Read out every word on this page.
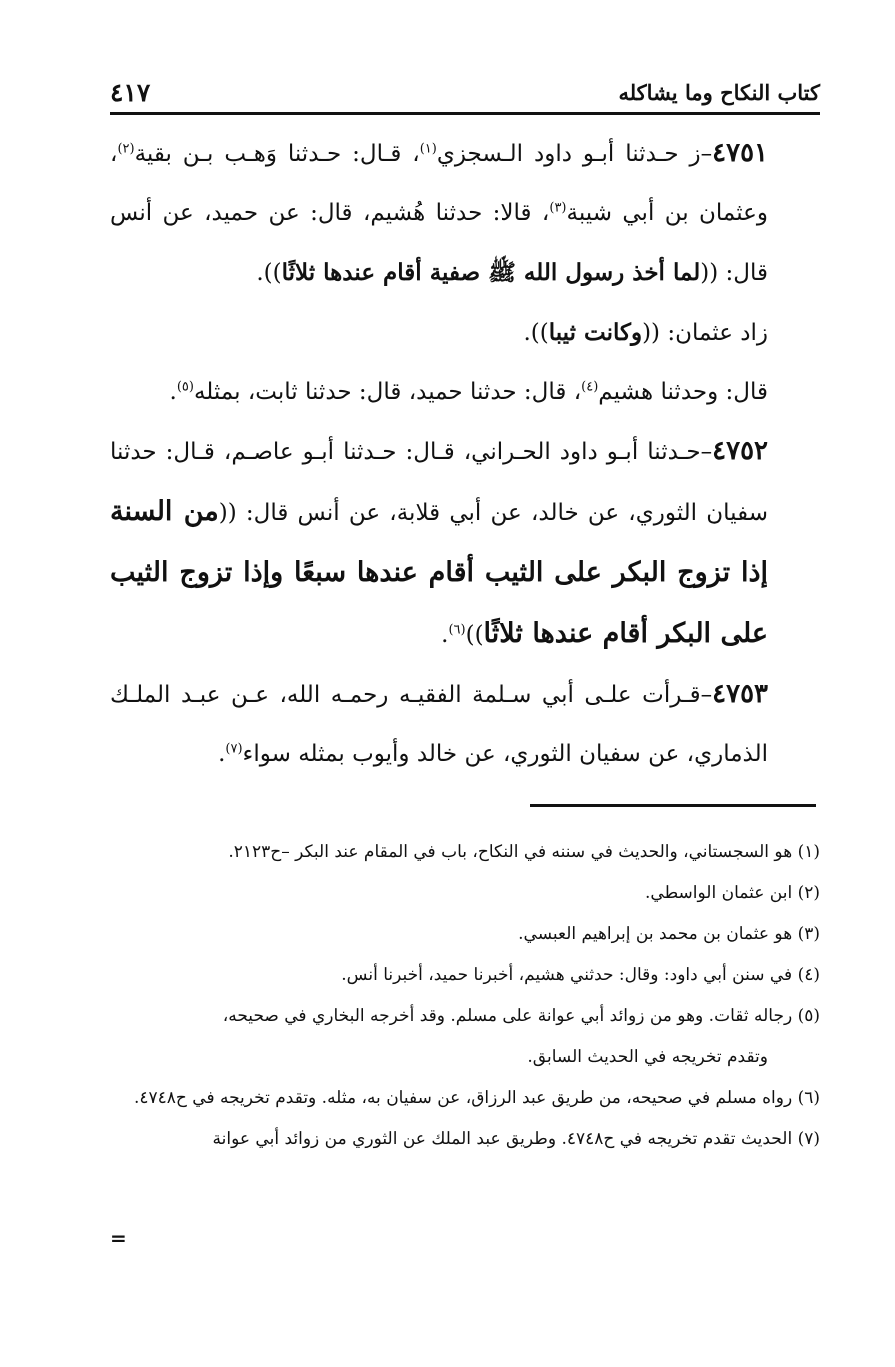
كتاب النكاح وما يشاكله
٤١٧

٤٧٥١–ز حـدثنا أبـو داود الـسجزي$^{(١)}$، قـال: حـدثنا وَهـب بـن بقية$^{(٢)}$، وعثمان بن أبي شيبة$^{(٣)}$، قالا: حدثنا هُشيم، قال: عن حميد، عن أنس قال: ((لما أخذ رسول الله ﷺ صفية أقام عندها ثلاثًا)).

زاد عثمان: ((وكانت ثيبا)).

قال: وحدثنا هشيم$^{(٤)}$، قال: حدثنا حميد، قال: حدثنا ثابت، بمثله$^{(٥)}$.

٤٧٥٢–حـدثنا أبـو داود الحـراني، قـال: حـدثنا أبـو عاصـم، قـال: حدثنا سفيان الثوري، عن خالد، عن أبي قلابة، عن أنس قال: ((من السنة إذا تزوج البكر على الثيب أقام عندها سبعًا وإذا تزوج الثيب على البكر أقام عندها ثلاثًا))$^{(٦)}$.

٤٧٥٣–قـرأت علـى أبي سـلمة الفقيـه رحمـه الله، عـن عبـد الملـك الذماري، عن سفيان الثوري، عن خالد وأيوب بمثله سواء$^{(٧)}$.

(١) هو السجستاني، والحديث في سننه في النكاح، باب في المقام عند البكر –ح٢١٢٣.

(٢) ابن عثمان الواسطي.

(٣) هو عثمان بن محمد بن إبراهيم العبسي.

(٤) في سنن أبي داود: وقال: حدثني هشيم، أخبرنا حميد، أخبرنا أنس.

(٥) رجاله ثقات. وهو من زوائد أبي عوانة على مسلم. وقد أخرجه البخاري في صحيحه،

وتقدم تخريجه في الحديث السابق.

(٦) رواه مسلم في صحيحه، من طريق عبد الرزاق، عن سفيان به، مثله. وتقدم تخريجه في ح٤٧٤٨.

(٧) الحديث تقدم تخريجه في ح٤٧٤٨. وطريق عبد الملك عن الثوري من زوائد أبي عوانة

=
